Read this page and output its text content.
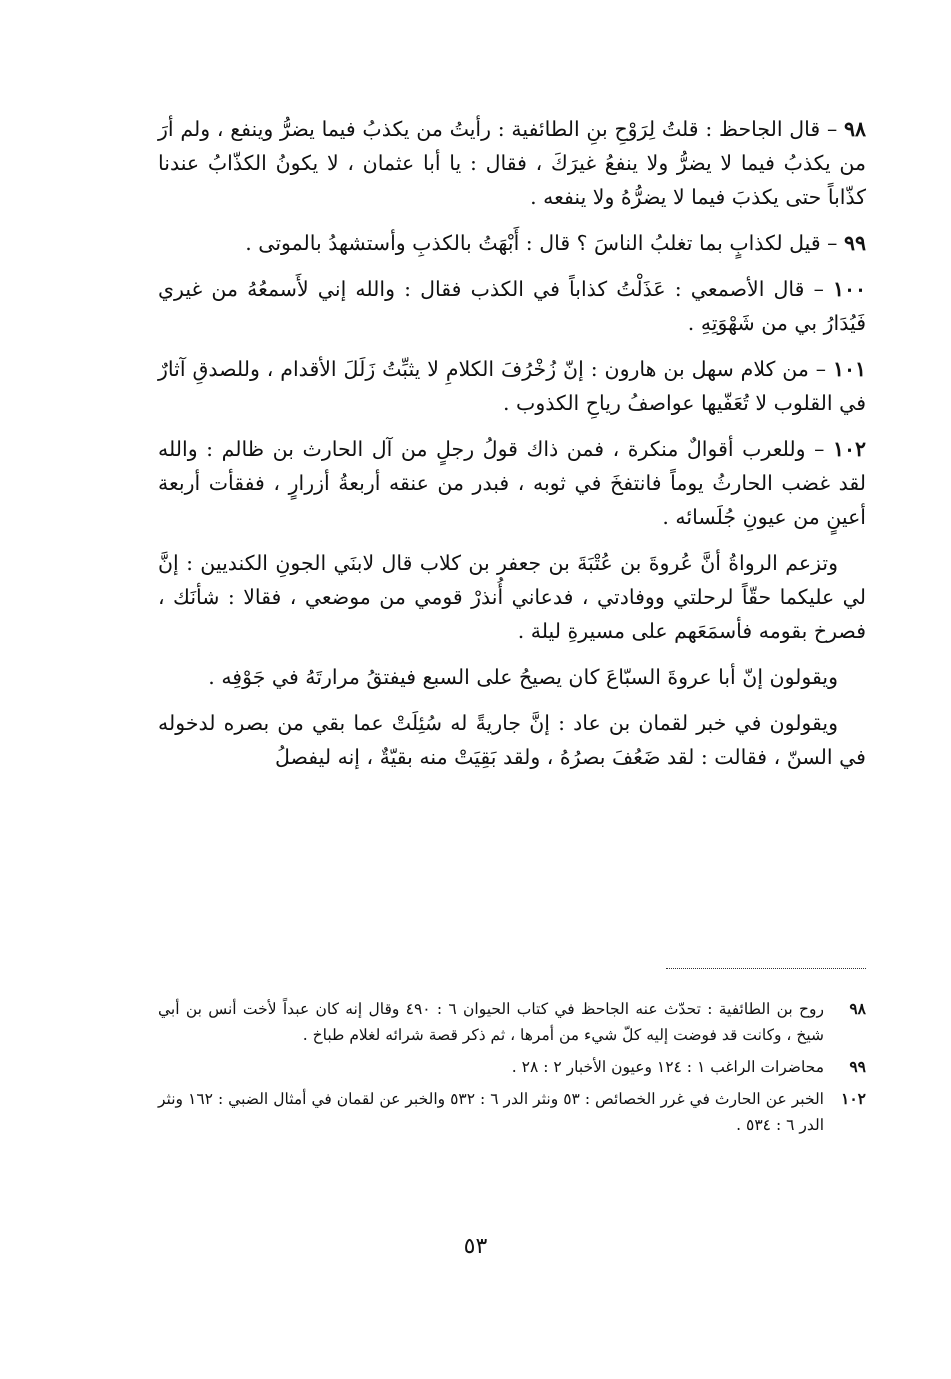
٩٨ – قال الجاحظ : قلتُ لِرَوْحِ بنِ الطائفية : رأيتُ من يكذبُ فيما يضرُّ وينفع ، ولم أرَ من يكذبُ فيما لا يضرُّ ولا ينفعُ غيرَكَ ، فقال : يا أبا عثمان ، لا يكونُ الكذّابُ عندنا كذّاباً حتى يكذبَ فيما لا يضرُّهُ ولا ينفعه .

٩٩ – قيل لكذابٍ بما تغلبُ الناسَ ؟ قال : أَبْهَتُ بالكذبِ وأستشهدُ بالموتى .

١٠٠ – قال الأصمعي : عَذَلْتُ كذاباً في الكذب فقال : والله إني لأَسمعُهُ من غيري فَيُدَارُ بي من شَهْوَتِهِ .

١٠١ – من كلام سهل بن هارون : إنّ زُخْرُفَ الكلامِ لا يثبِّتُ زَلَلَ الأقدام ، وللصدقِ آثارٌ في القلوب لا تُعَفّيها عواصفُ رياحِ الكذوب .

١٠٢ – وللعرب أقوالٌ منكرة ، فمن ذاك قولُ رجلٍ من آل الحارث بن ظالم : والله لقد غضب الحارثُ يوماً فانتفخَ في ثوبه ، فبدر من عنقه أربعةُ أزرارٍ ، ففقأت أربعة أعينٍ من عيونِ جُلَسائه .

وتزعم الرواةُ أنَّ عُروةَ بن عُتْبَةَ بن جعفر بن كلاب قال لابنَي الجونِ الكنديين : إنَّ لي عليكما حقّاً لرحلتي ووفادتي ، فدعاني أُنذرْ قومي من موضعي ، فقالا : شأنَك ، فصرخ بقومه فأسمَعَهم على مسيرةِ ليلة .

ويقولون إنّ أبا عروةَ السبّاعَ كان يصيحُ على السبع فيفتقُ مرارتَهُ في جَوْفِه .

ويقولون في خبر لقمان بن عاد : إنَّ جاريةً له سُئِلَتْ عما بقي من بصره لدخوله في السنّ ، فقالت : لقد ضَعُفَ بصرُهُ ، ولقد بَقِيَتْ منه بقيّةٌ ، إنه ليفصلُ

٩٨
روح بن الطائفية : تحدّث عنه الجاحظ في كتاب الحيوان ٦ : ٤٩٠ وقال إنه كان عبداً لأخت أنس بن أبي شيخ ، وكانت قد فوضت إليه كلّ شيء من أمرها ، ثم ذكر قصة شرائه لغلام طباخ .
٩٩
محاضرات الراغب ١ : ١٢٤ وعيون الأخبار ٢ : ٢٨ .
١٠٢
الخبر عن الحارث في غرر الخصائص : ٥٣ ونثر الدر ٦ : ٥٣٢ والخبر عن لقمان في أمثال الضبي : ١٦٢ ونثر الدر ٦ : ٥٣٤ .
٥٣
